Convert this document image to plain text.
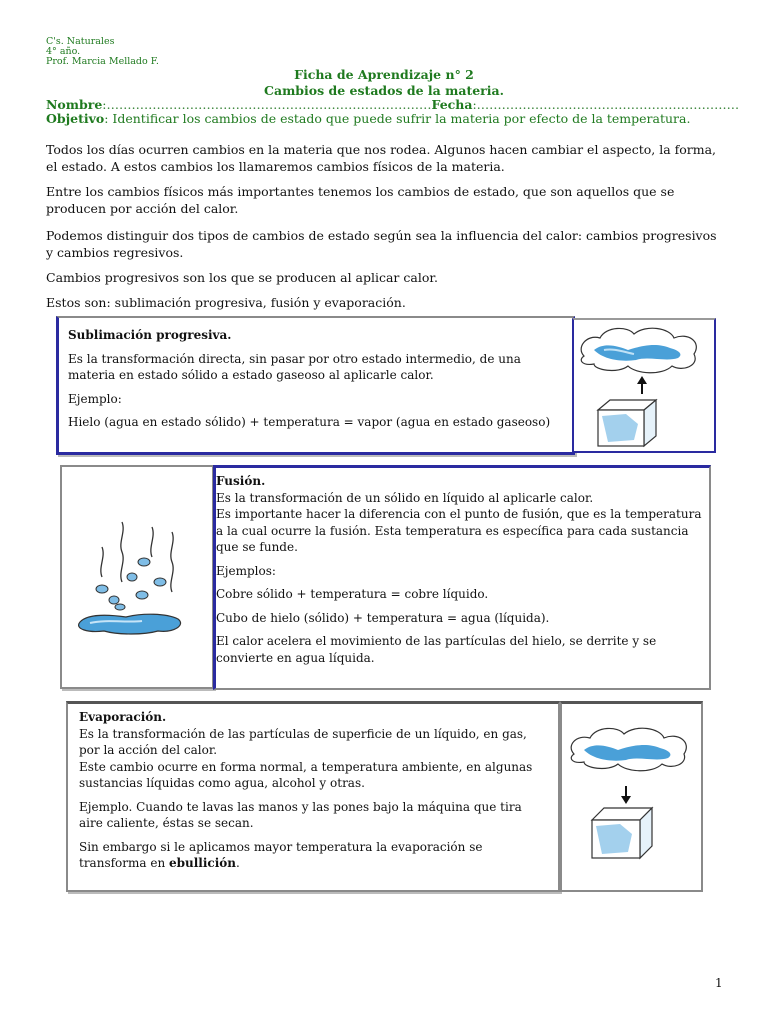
C's. Naturales
4° año.
Prof. Marcia Mellado F.
Ficha de Aprendizaje n° 2
Cambios de estados de la materia.
Nombre:……………………………………………………………………Fecha:………………………………………………………
Objetivo: Identificar los cambios de estado que puede sufrir la materia por efecto de la temperatura.

Todos los días ocurren cambios en la materia que nos rodea. Algunos hacen cambiar el aspecto, la forma, el estado. A estos cambios los llamaremos cambios físicos de la materia.

Entre los cambios físicos más importantes tenemos los cambios de estado, que son aquellos que se producen por acción del calor.

Podemos distinguir dos tipos de cambios de estado según sea la influencia del calor: cambios progresivos y cambios regresivos.

Cambios progresivos son los que se producen al aplicar calor.

Estos son: sublimación progresiva, fusión y evaporación.

Sublimación progresiva.

Es la transformación directa, sin pasar por otro estado intermedio, de una materia en estado sólido a estado gaseoso al aplicarle calor.

Ejemplo:

Hielo (agua en estado sólido) + temperatura = vapor (agua en estado gaseoso)

Fusión.

Es la transformación de un sólido en líquido al aplicarle calor.

Es importante hacer la diferencia con el punto de fusión, que es la temperatura a la cual ocurre la fusión. Esta temperatura es específica para cada sustancia que se funde.

Ejemplos:

Cobre sólido + temperatura = cobre líquido.

Cubo de hielo (sólido) + temperatura = agua (líquida).

El calor acelera el movimiento de las partículas del hielo, se derrite y se convierte en agua líquida.

Evaporación.

Es la transformación de las partículas de superficie de un líquido, en gas, por la acción del calor.

Este cambio ocurre en forma normal, a temperatura ambiente, en algunas sustancias líquidas como agua, alcohol y otras.

Ejemplo. Cuando te lavas las manos y las pones bajo la máquina que tira aire caliente, éstas se secan.

Sin embargo si le aplicamos mayor temperatura la evaporación se transforma en ebullición.

1
